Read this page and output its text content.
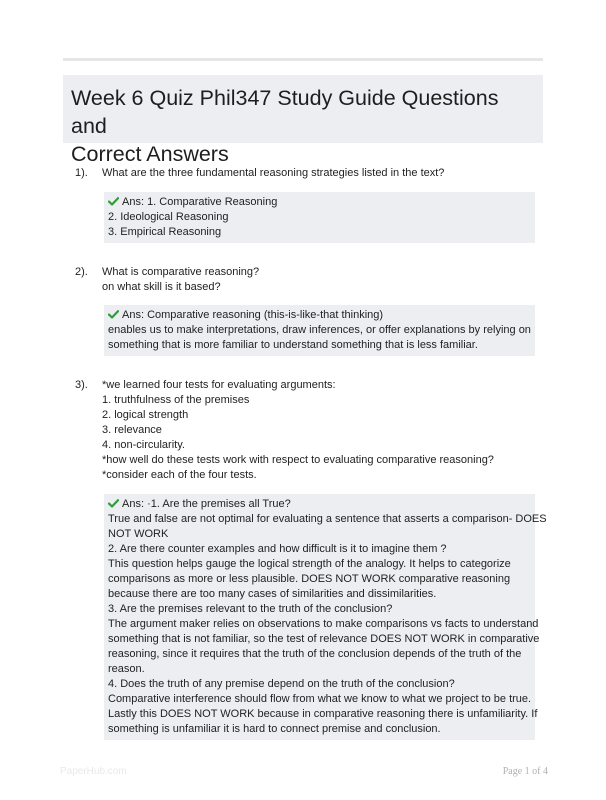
Week 6 Quiz Phil347 Study Guide Questions and
Correct Answers
1). What are the three fundamental reasoning strategies listed in the text?
Ans: 1. Comparative Reasoning
2. Ideological Reasoning
3. Empirical Reasoning
2). What is comparative reasoning?
on what skill is it based?
Ans: Comparative reasoning (this-is-like-that thinking)
enables us to make interpretations, draw inferences, or offer explanations by relying on
something that is more familiar to understand something that is less familiar.
3). *we learned four tests for evaluating arguments:
1. truthfulness of the premises
2. logical strength
3. relevance
4. non-circularity.
*how well do these tests work with respect to evaluating comparative reasoning?
*consider each of the four tests.
Ans: ·1. Are the premises all True?
True and false are not optimal for evaluating a sentence that asserts a comparison- DOES
NOT WORK
2. Are there counter examples and how difficult is it to imagine them ?
This question helps gauge the logical strength of the analogy. It helps to categorize
comparisons as more or less plausible. DOES NOT WORK comparative reasoning
because there are too many cases of similarities and dissimilarities.
3. Are the premises relevant to the truth of the conclusion?
The argument maker relies on observations to make comparisons vs facts to understand
something that is not familiar, so the test of relevance DOES NOT WORK in comparative
reasoning, since it requires that the truth of the conclusion depends of the truth of the
reason.
4. Does the truth of any premise depend on the truth of the conclusion?
Comparative interference should flow from what we know to what we project to be true.
Lastly this DOES NOT WORK because in comparative reasoning there is unfamiliarity. If
something is unfamiliar it is hard to connect premise and conclusion.
PaperHub.com	Page 1 of 4
